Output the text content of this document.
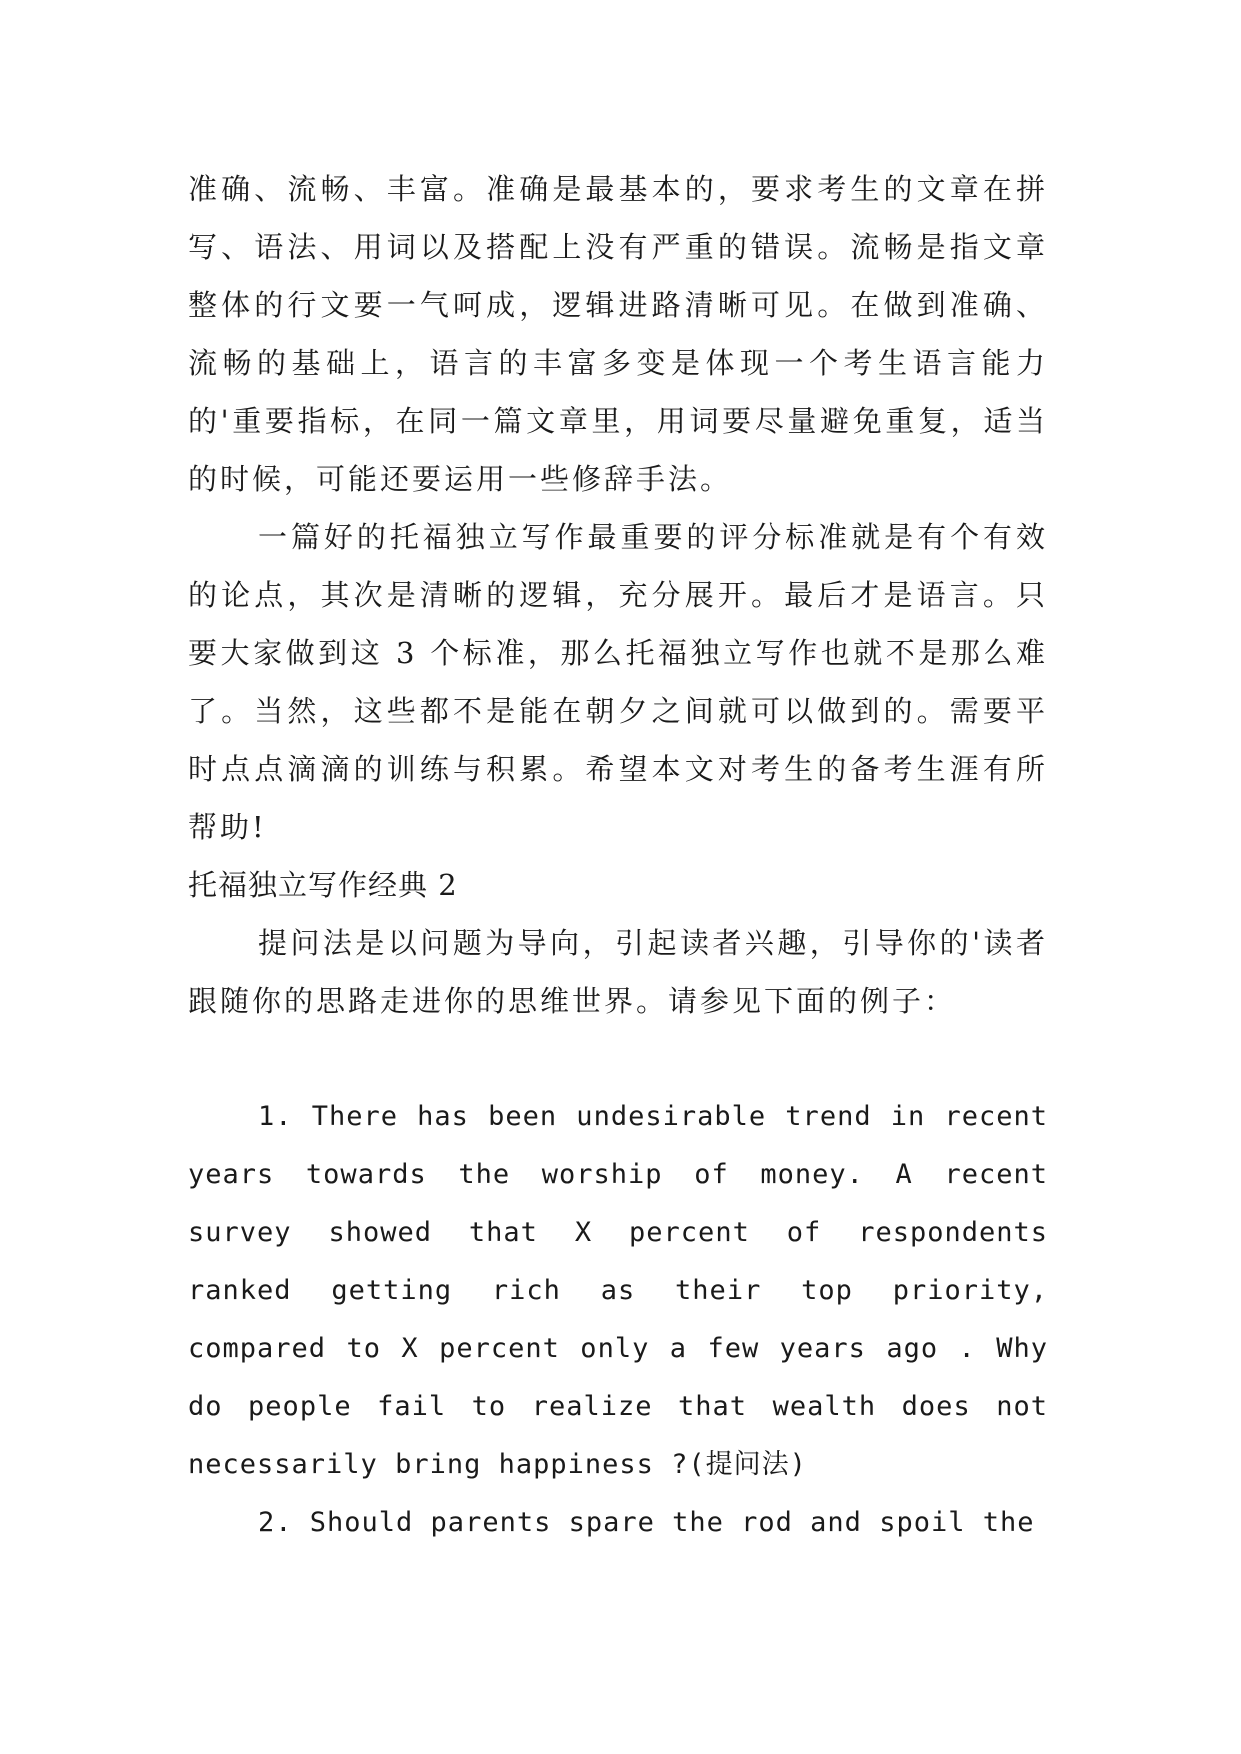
准确、流畅、丰富。准确是最基本的，要求考生的文章在拼写、语法、用词以及搭配上没有严重的错误。流畅是指文章整体的行文要一气呵成，逻辑进路清晰可见。在做到准确、流畅的基础上，语言的丰富多变是体现一个考生语言能力的'重要指标，在同一篇文章里，用词要尽量避免重复，适当的时候，可能还要运用一些修辞手法。

一篇好的托福独立写作最重要的评分标准就是有个有效的论点，其次是清晰的逻辑，充分展开。最后才是语言。只要大家做到这 3 个标准，那么托福独立写作也就不是那么难了。当然，这些都不是能在朝夕之间就可以做到的。需要平时点点滴滴的训练与积累。希望本文对考生的备考生涯有所帮助!

托福独立写作经典 2

提问法是以问题为导向，引起读者兴趣，引导你的'读者跟随你的思路走进你的思维世界。请参见下面的例子：

1. There has been undesirable trend in recent years towards the worship of money. A recent survey showed that X percent of respondents ranked getting rich as their top priority, compared to X percent only a few years ago . Why do people fail to realize that wealth does not necessarily bring happiness ?(提问法)

2. Should parents spare the rod and spoil the
